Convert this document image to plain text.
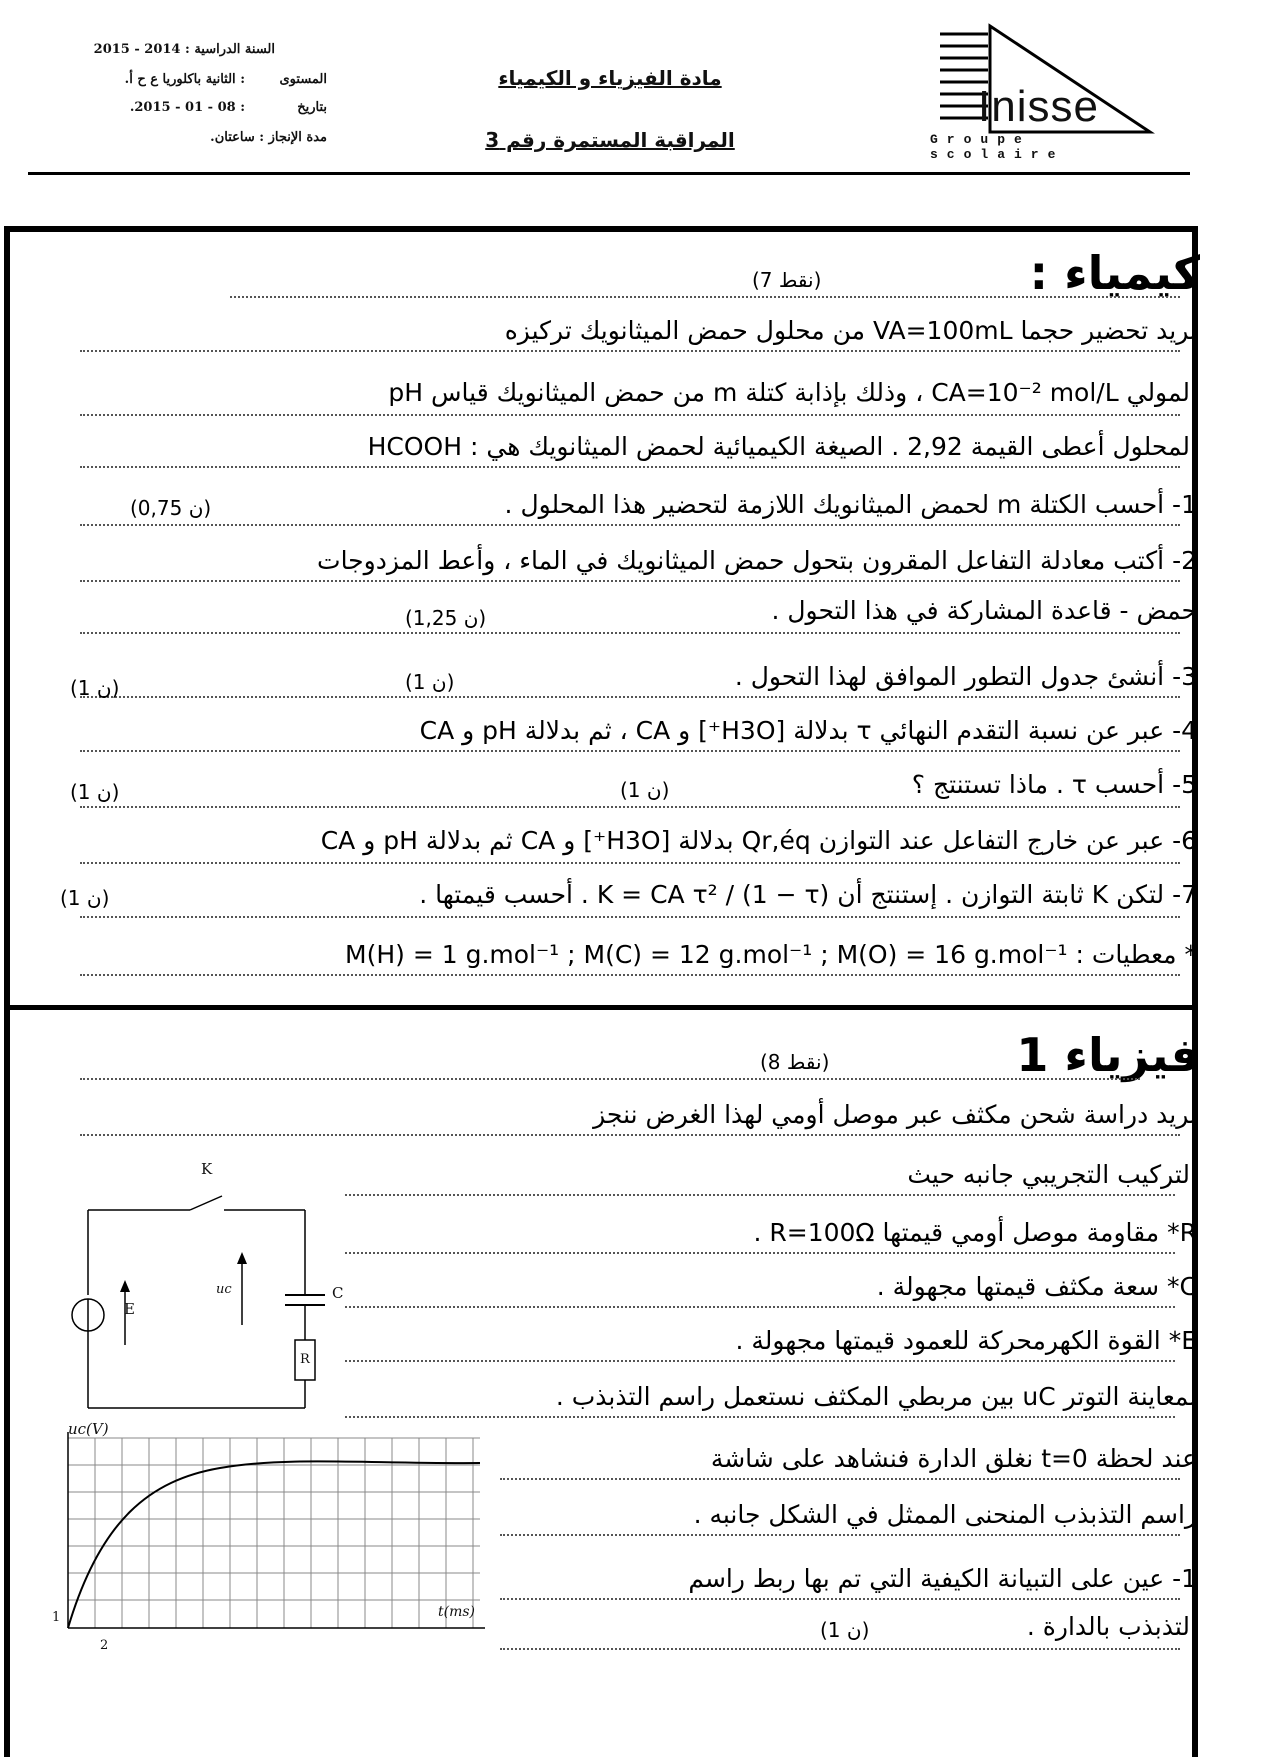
السنة الدراسية : 2014 - 2015
المستوى
: الثانية باكلوريا ع ح أ.
بتاريخ
: 08 - 01 - 2015.
مدة الإنجاز : ساعتان.
مادة الفيزياء و الكيمياء
المراقبة المستمرة رقم 3
Inisse
Groupe scolaire
كيمياء :
(7 نقط)
نريد تحضير حجما VA=100mL من محلول حمض الميثانويك تركيزه
المولي CA=10⁻² mol/L ، وذلك بإذابة كتلة m من حمض الميثانويك قياس pH
المحلول أعطى القيمة 2,92 . الصيغة الكيميائية لحمض الميثانويك هي : HCOOH
1- أحسب الكتلة m لحمض الميثانويك اللازمة لتحضير هذا المحلول .
(0,75 ن)
2- أكتب معادلة التفاعل المقرون بتحول حمض الميثانويك في الماء ، وأعط المزدوجات
حمض - قاعدة المشاركة في هذا التحول .
(1,25 ن)
3- أنشئ جدول التطور الموافق لهذا التحول .
(1 ن)
4- عبر عن نسبة التقدم النهائي τ بدلالة [H3O⁺] و CA ، ثم بدلالة pH و CA
(1 ن)
5- أحسب τ . ماذا تستنتج ؟
(1 ن)
(1 ن)
6- عبر عن خارج التفاعل عند التوازن Qr,éq بدلالة [H3O⁺] و CA ثم بدلالة pH و CA
7- لتكن K ثابتة التوازن . إستنتج أن K = CA τ² / (1 − τ) . أحسب قيمتها .
(1 ن)
* معطيات : M(H) = 1 g.mol⁻¹ ; M(C) = 12 g.mol⁻¹ ; M(O) = 16 g.mol⁻¹
فيزياء 1
(8 نقط)
نريد دراسة شحن مكثف عبر موصل أومي لهذا الغرض ننجز
التركيب التجريبي جانبه حيث
R* مقاومة موصل أومي قيمتها R=100Ω .
C* سعة مكثف قيمتها مجهولة .
E* القوة الكهرمحركة للعمود قيمتها مجهولة .
لمعاينة التوتر uC بين مربطي المكثف نستعمل راسم التذبذب .
عند لحظة t=0 نغلق الدارة فنشاهد على شاشة
راسم التذبذب المنحنى الممثل في الشكل جانبه .
1- عين على التبيانة الكيفية التي تم بها ربط راسم
التذبذب بالدارة .
(1 ن)
K
E
uc	C
R
uc(V)
t(ms)
1
2
